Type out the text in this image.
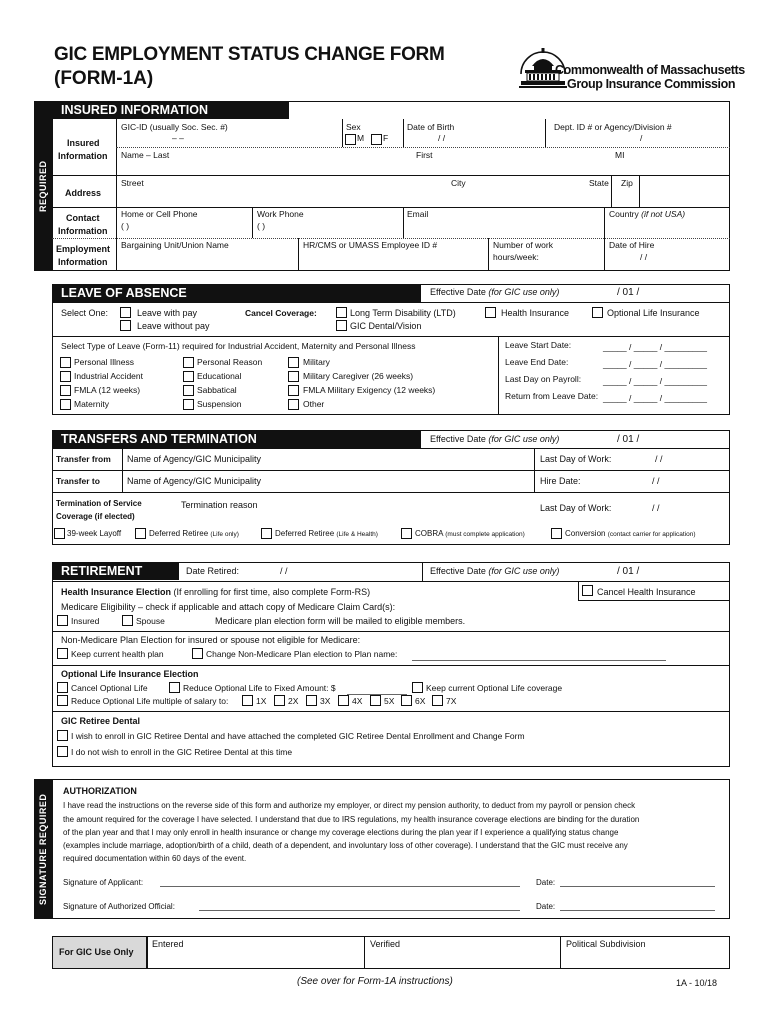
GIC EMPLOYMENT STATUS CHANGE FORM
(FORM-1A)	Commonwealth of Massachusetts
Group Insurance Commission
REQUIRED
INSURED INFORMATION
Insured
Information
GIC-ID (usually Soc. Sec. #)
– –
Sex
M F
Date of Birth
/ /
Dept. ID # or Agency/Division #
/
Name – Last	First	MI
Address
Street	City	State Zip
Contact
Information
Home or Cell Phone
( )
Work Phone
( )
Email	Country (if not USA)
Employment
Information
Bargaining Unit/Union Name	HR/CMS or UMASS Employee ID #	Number of work
hours/week:
Date of Hire
/ /
LEAVE OF ABSENCE	Effective Date (for GIC use only)	/ 01 /
Select One:	Leave with pay
Leave without pay
Cancel Coverage:	Long Term Disability (LTD)
GIC Dental/Vision
Health Insurance	Optional Life Insurance
Select Type of Leave (Form-11) required for Industrial Accident, Maternity and Personal Illness
Personal Illness
Industrial Accident
FMLA (12 weeks)
Maternity
Personal Reason
Educational
Sabbatical
Suspension
Military
Military Caregiver (26 weeks)
FMLA Military Exigency (12 weeks)
Other
Leave Start Date:	_____ / _____ / _________
Leave End Date:	_____ / _____ / _________
Last Day on Payroll:	_____ / _____ / _________
Return from Leave Date: _____ / _____ / _________
TRANSFERS AND TERMINATION	Effective Date (for GIC use only)	/ 01 /
Transfer from Name of Agency/GIC Municipality	Last Day of Work:	/ /
Transfer to	Name of Agency/GIC Municipality	Hire Date:	/ /
Termination of Service
Coverage (if elected)
Termination reason	Last Day of Work:	/ /
39-week Layoff	Deferred Retiree (Life only)	Deferred Retiree (Life & Health)	COBRA (must complete application)	Conversion (contact carrier for application)
RETIREMENT	Date Retired:	/ /	Effective Date (for GIC use only)	/ 01 /
Health Insurance Election (If enrolling for first time, also complete Form-RS)	Cancel Health Insurance
Medicare Eligibility – check if applicable and attach copy of Medicare Claim Card(s):
Insured	Spouse	Medicare plan election form will be mailed to eligible members.
Non-Medicare Plan Election for insured or spouse not eligible for Medicare:
Keep current health plan	Change Non-Medicare Plan election to Plan name:
Optional Life Insurance Election
Cancel Optional Life	Reduce Optional Life to Fixed Amount: $	Keep current Optional Life coverage
Reduce Optional Life multiple of salary to:	1X	2X	3X	4X	5X 6X 7X
GIC Retiree Dental
I wish to enroll in GIC Retiree Dental and have attached the completed GIC Retiree Dental Enrollment and Change Form
I do not wish to enroll in the GIC Retiree Dental at this time
SIGNATURE REQUIRED
AUTHORIZATION
I have read the instructions on the reverse side of this form and authorize my employer, or direct my pension authority, to deduct from my payroll or pension check
the amount required for the coverage I have selected. I understand that due to IRS regulations, my health insurance coverage elections are binding for the duration
of the plan year and that I may only enroll in health insurance or change my coverage elections during the plan year if I experience a qualifying status change
(examples include marriage, adoption/birth of a child, death of a dependent, and involuntary loss of other coverage). I understand that the GIC must receive any
required documentation within 60 days of the event.
Signature of Applicant:	Date:
Signature of Authorized Official:	Date:
For GIC Use Only
Entered	Verified	Political Subdivision
(See over for Form-1A instructions)	1A - 10/18
